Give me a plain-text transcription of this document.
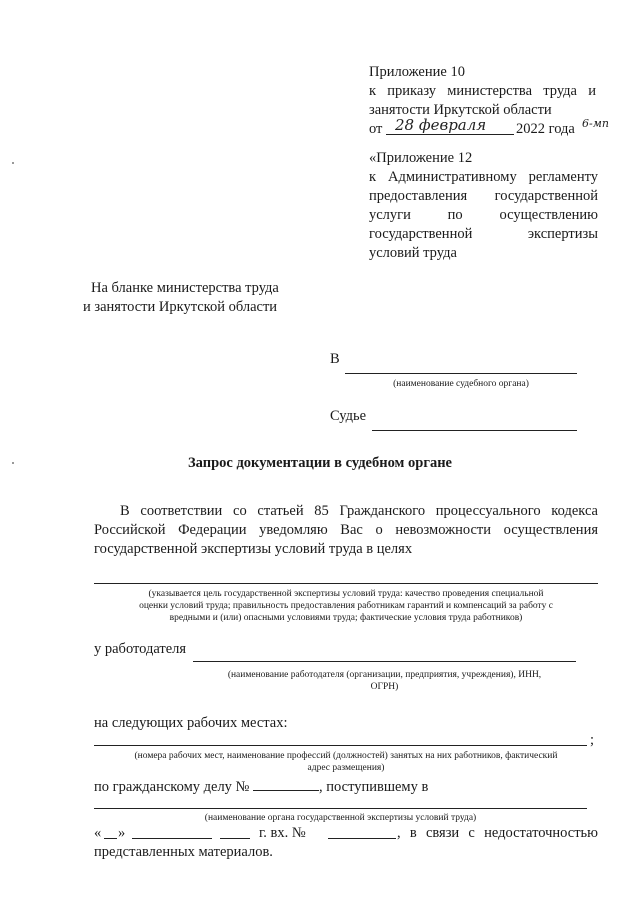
Приложение 10
к приказу министерства труда и
занятости Иркутской области
от 28 февраля 2022 года 6-мп
«Приложение 12
к Административному регламенту
предоставления государственной
услуги по осуществлению
государственной экспертизы
условий труда
На бланке министерства труда
и занятости Иркутской области
В
(наименование судебного органа)
Судье
Запрос документации в судебном органе
В соответствии со статьей 85 Гражданского процессуального кодекса
Российской Федерации уведомляю Вас о невозможности осуществления
государственной экспертизы условий труда в целях
(указывается цель государственной экспертизы условий труда: качество проведения специальной
оценки условий труда; правильность предоставления работникам гарантий и компенсаций за работу с
вредными и (или) опасными условиями труда; фактические условия труда работников)
у работодателя
(наименование работодателя (организации, предприятия, учреждения), ИНН,
ОГРН)
на следующих рабочих местах:
;
(номера рабочих мест, наименование профессий (должностей) занятых на них работников, фактический
адрес размещения)
по гражданскому делу №	, поступившему в
(наименование органа государственной экспертизы условий труда)
« »	г. вх. №	, в связи с недостаточностью
представленных материалов.
